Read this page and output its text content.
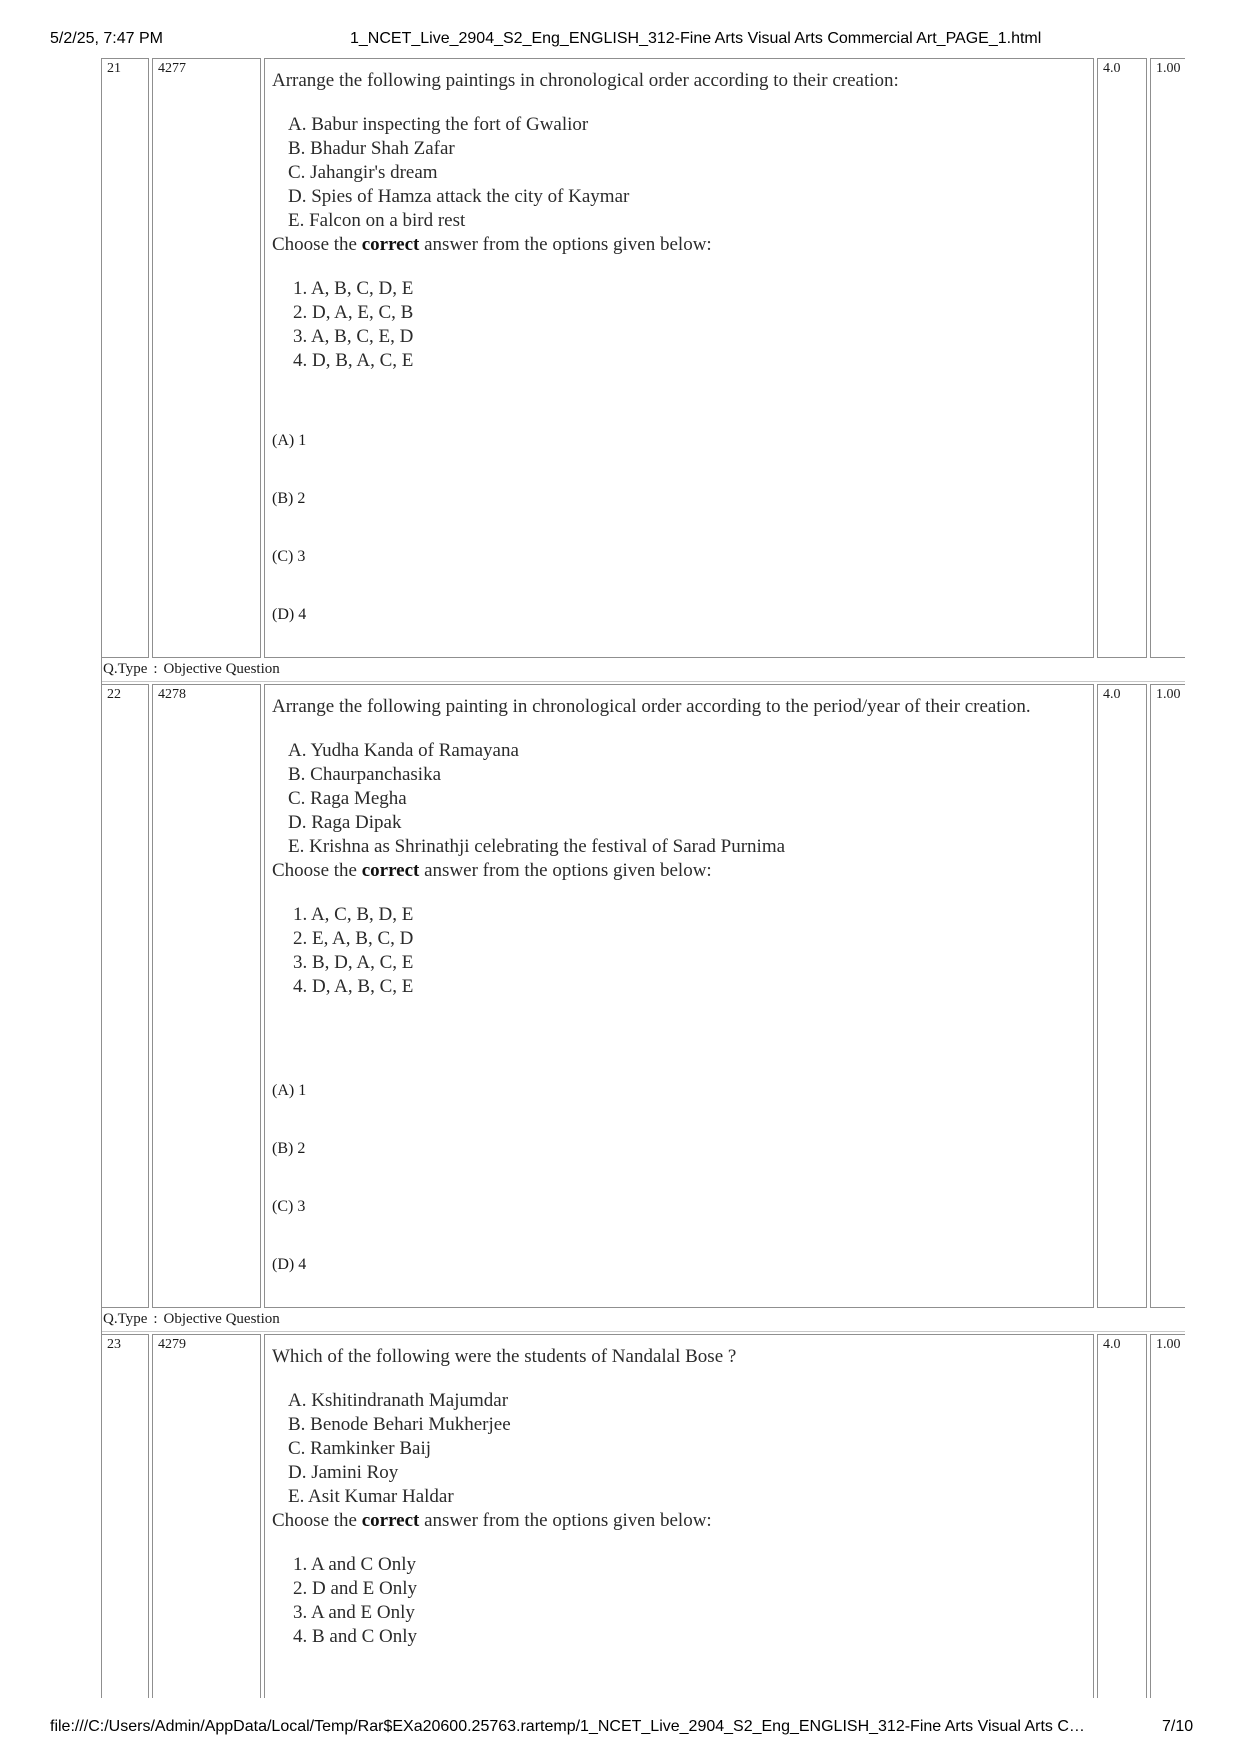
5/2/25, 7:47 PM	1_NCET_Live_2904_S2_Eng_ENGLISH_312-Fine Arts Visual Arts Commercial Art_PAGE_1.html
21	4277

Arrange the following paintings in chronological order according to their creation:

A. Babur inspecting the fort of Gwalior
B. Bhadur Shah Zafar
C. Jahangir's dream
D. Spies of Hamza attack the city of Kaymar
E. Falcon on a bird rest

Choose the correct answer from the options given below:

1. A, B, C, D, E
2. D, A, E, C, B
3. A, B, C, E, D
4. D, B, A, C, E

(A) 1

(B) 2

(C) 3

(D) 4

4.0	1.00
Q.Type : Objective Question
22	4278

Arrange the following painting in chronological order according to the period/year of their creation.

A. Yudha Kanda of Ramayana
B. Chaurpanchasika
C. Raga Megha
D. Raga Dipak
E. Krishna as Shrinathji celebrating the festival of Sarad Purnima

Choose the correct answer from the options given below:

1. A, C, B, D, E
2. E, A, B, C, D
3. B, D, A, C, E
4. D, A, B, C, E

(A) 1

(B) 2

(C) 3

(D) 4

4.0	1.00
Q.Type : Objective Question
23	4279

Which of the following were the students of Nandalal Bose ?

A. Kshitindranath Majumdar
B. Benode Behari Mukherjee
C. Ramkinker Baij
D. Jamini Roy
E. Asit Kumar Haldar

Choose the correct answer from the options given below:

1. A and C Only
2. D and E Only
3. A and E Only
4. B and C Only
4.0	1.00
file:///C:/Users/Admin/AppData/Local/Temp/Rar$EXa20600.25763.rartemp/1_NCET_Live_2904_S2_Eng_ENGLISH_312-Fine Arts Visual Arts C…	7/10
